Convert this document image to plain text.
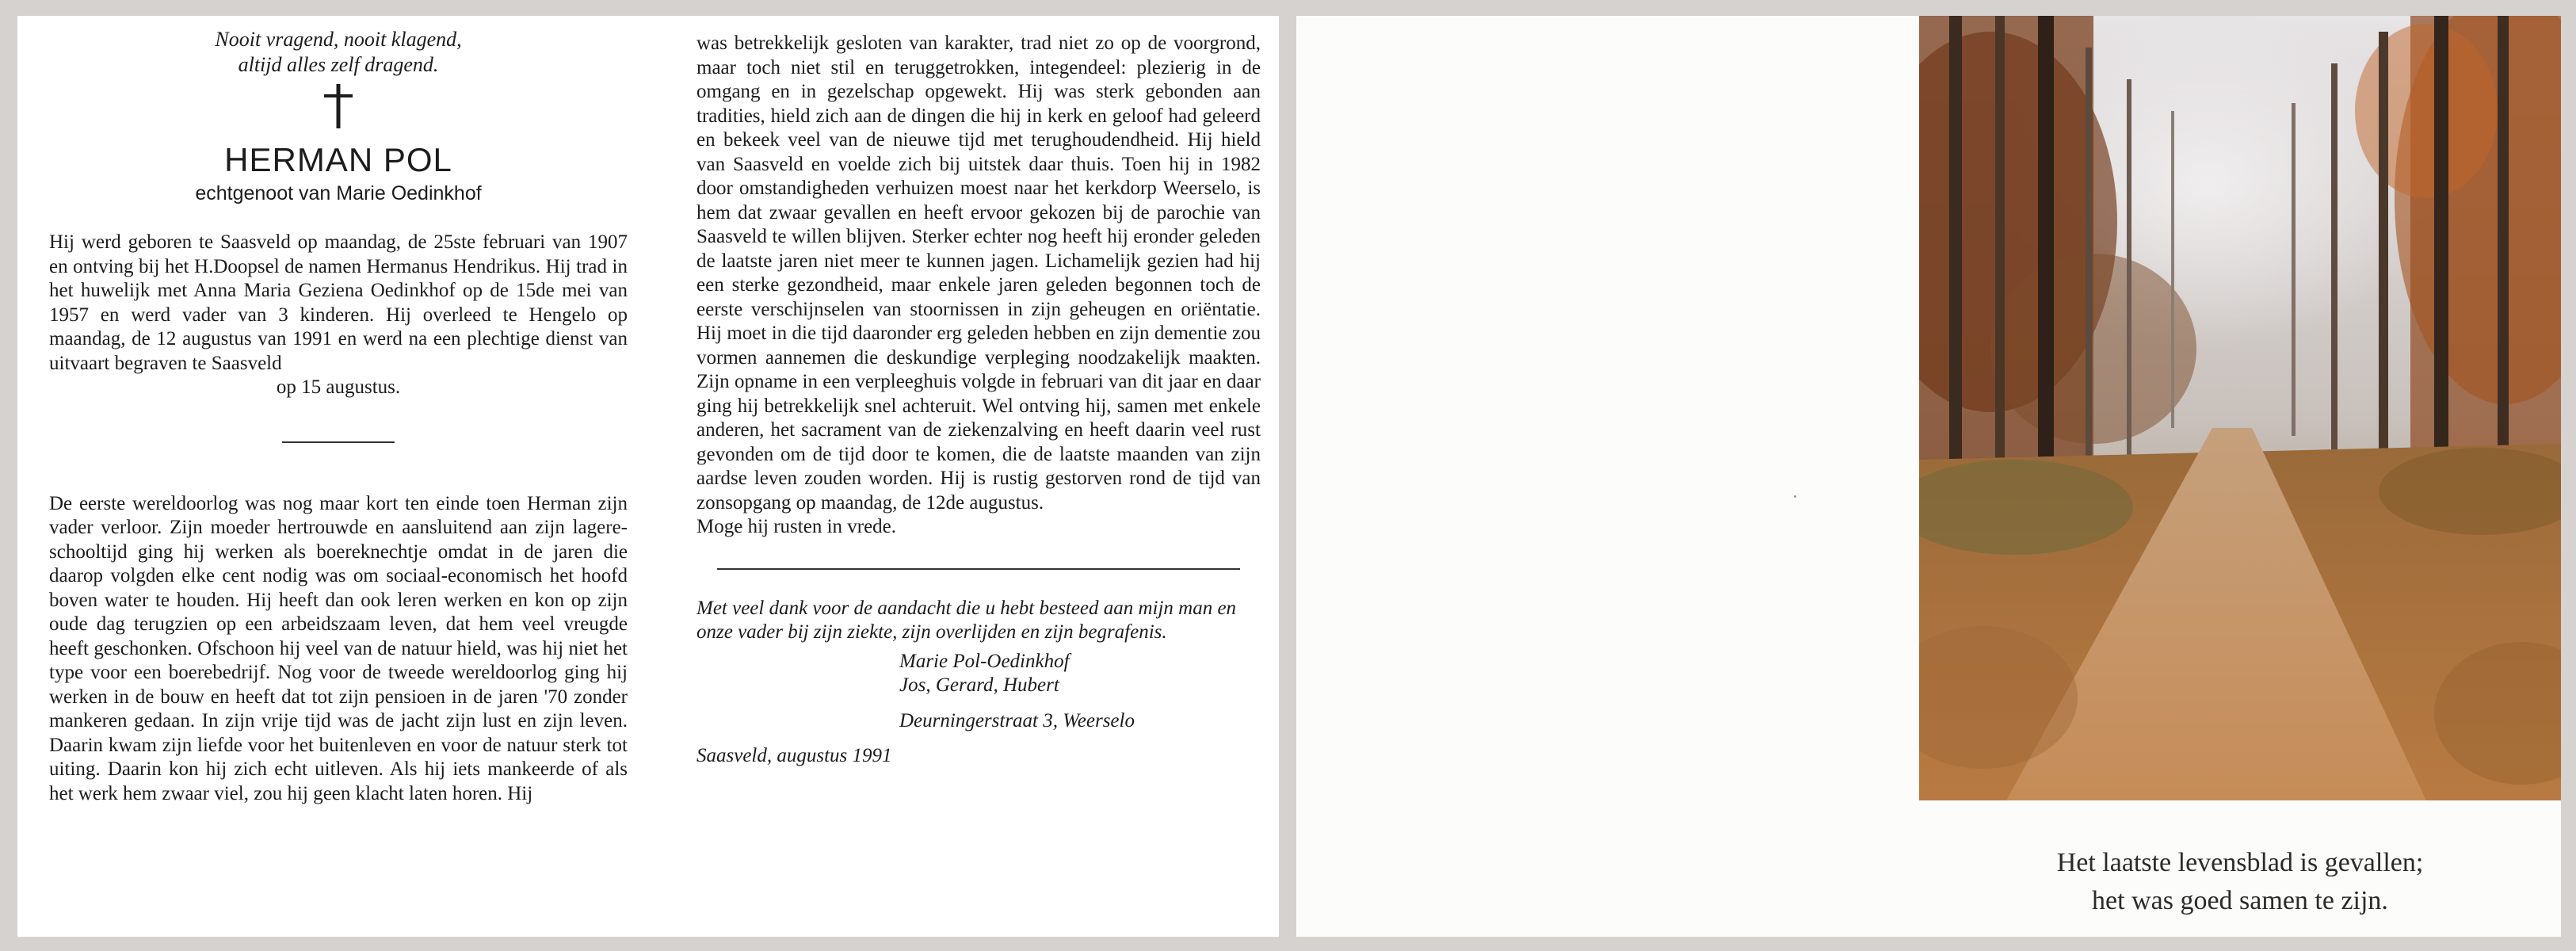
Nooit vragend, nooit klagend,

altijd alles zelf dragend.

HERMAN POL

echtgenoot van Marie Oedinkhof

Hij werd geboren te Saasveld op maandag, de 25ste februari van 1907 en ontving bij het H.Doopsel de namen Hermanus Hendrikus. Hij trad in het huwelijk met Anna Maria Geziena Oedinkhof op de 15de mei van 1957 en werd vader van 3 kinderen. Hij overleed te Hengelo op maandag, de 12 augustus van 1991 en werd na een plechtige dienst van uitvaart begraven te Saasveld
op 15 augustus.

De eerste wereldoorlog was nog maar kort ten einde toen Herman zijn vader verloor. Zijn moeder hertrouwde en aansluitend aan zijn lagere-schooltijd ging hij werken als boereknechtje omdat in de jaren die daarop volgden elke cent nodig was om sociaal-economisch het hoofd boven water te houden. Hij heeft dan ook leren werken en kon op zijn oude dag terugzien op een arbeidszaam leven, dat hem veel vreugde heeft geschonken. Ofschoon hij veel van de natuur hield, was hij niet het type voor een boerebedrijf. Nog voor de tweede wereldoorlog ging hij werken in de bouw en heeft dat tot zijn pensioen in de jaren '70 zonder mankeren gedaan. In zijn vrije tijd was de jacht zijn lust en zijn leven. Daarin kwam zijn liefde voor het buitenleven en voor de natuur sterk tot uiting. Daarin kon hij zich echt uitleven. Als hij iets mankeerde of als het werk hem zwaar viel, zou hij geen klacht laten horen. Hij

was betrekkelijk gesloten van karakter, trad niet zo op de voorgrond, maar toch niet stil en teruggetrokken, integendeel: plezierig in de omgang en in gezelschap opgewekt. Hij was sterk gebonden aan tradities, hield zich aan de dingen die hij in kerk en geloof had geleerd en bekeek veel van de nieuwe tijd met terughoudendheid. Hij hield van Saasveld en voelde zich bij uitstek daar thuis. Toen hij in 1982 door omstandigheden verhuizen moest naar het kerkdorp Weerselo, is hem dat zwaar gevallen en heeft ervoor gekozen bij de parochie van Saasveld te willen blijven. Sterker echter nog heeft hij eronder geleden de laatste jaren niet meer te kunnen jagen. Lichamelijk gezien had hij een sterke gezondheid, maar enkele jaren geleden begonnen toch de eerste verschijnselen van stoornissen in zijn geheugen en oriëntatie. Hij moet in die tijd daaronder erg geleden hebben en zijn dementie zou vormen aannemen die deskundige verpleging noodzakelijk maakten. Zijn opname in een verpleeghuis volgde in februari van dit jaar en daar ging hij betrekkelijk snel achteruit. Wel ontving hij, samen met enkele anderen, het sacrament van de ziekenzalving en heeft daarin veel rust gevonden om de tijd door te komen, die de laatste maanden van zijn aardse leven zouden worden. Hij is rustig gestorven rond de tijd van zonsopgang op maandag, de 12de augustus.

Moge hij rusten in vrede.

Met veel dank voor de aandacht die u hebt besteed aan mijn man en onze vader bij zijn ziekte, zijn overlijden en zijn begrafenis.

Marie Pol-Oedinkhof
Jos, Gerard, Hubert
Deurningerstraat 3, Weerselo
Saasveld, augustus 1991
Het laatste levensblad is gevallen;
het was goed samen te zijn.
